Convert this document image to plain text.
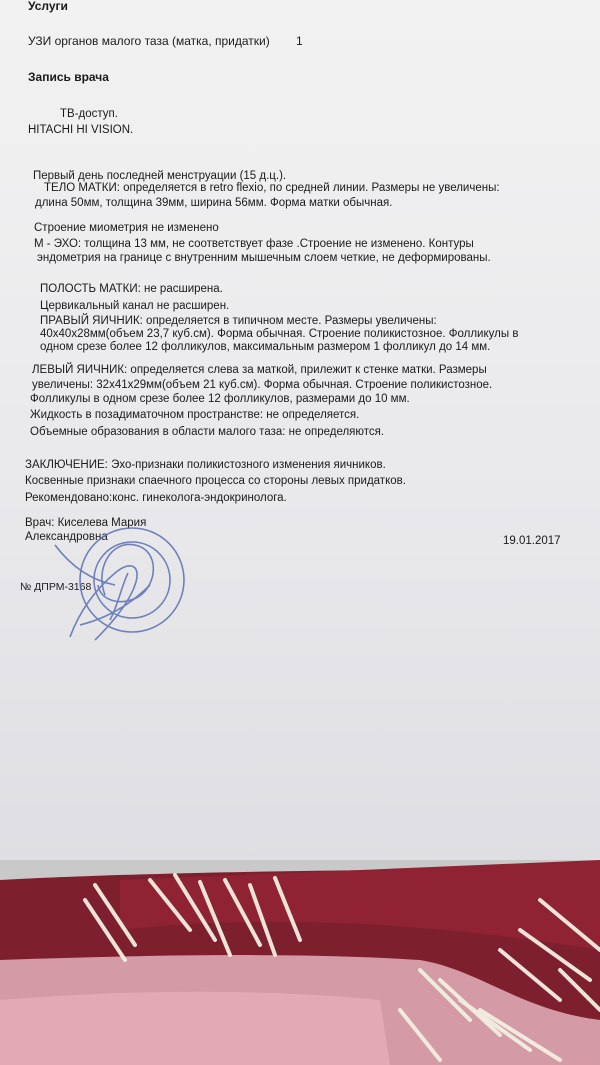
Услуги
УЗИ органов малого таза (матка, придатки) 1
Запись врача
ТВ-доступ.
HITACHI HI VISION.
Первый день последней менструации (15 д.ц.).
ТЕЛО МАТКИ: определяется в retro flexio, по средней линии. Размеры не увеличены:
длина 50мм, толщина 39мм, ширина 56мм. Форма матки обычная.
Строение миометрия не изменено
М - ЭХО: толщина 13 мм, не соответствует фазе .Строение не изменено. Контуры
эндометрия на границе с внутренним мышечным слоем четкие, не деформированы.
ПОЛОСТЬ МАТКИ: не расширена.
Цервикальный канал не расширен.
ПРАВЫЙ ЯИЧНИК: определяется в типичном месте. Размеры увеличены:
40x40x28мм(объем 23,7 куб.см). Форма обычная. Строение поликистозное. Фолликулы в
одном срезе более 12 фолликулов, максимальным размером 1 фолликул до 14 мм.
ЛЕВЫЙ ЯИЧНИК: определяется слева за маткой, прилежит к стенке матки. Размеры
увеличены: 32x41x29мм(объем 21 куб.см). Форма обычная. Строение поликистозное.
Фолликулы в одном срезе более 12 фолликулов, размерами до 10 мм.
Жидкость в позадиматочном пространстве: не определяется.
Объемные образования в области малого таза: не определяются.
ЗАКЛЮЧЕНИЕ: Эхо-признаки поликистозного изменения яичников.
Косвенные признаки спаечного процесса со стороны левых придатков.
Рекомендовано:конс. гинеколога-эндокринолога.
Врач: Киселева Мария
Александровна	19.01.2017
№ ДПРМ-3168
